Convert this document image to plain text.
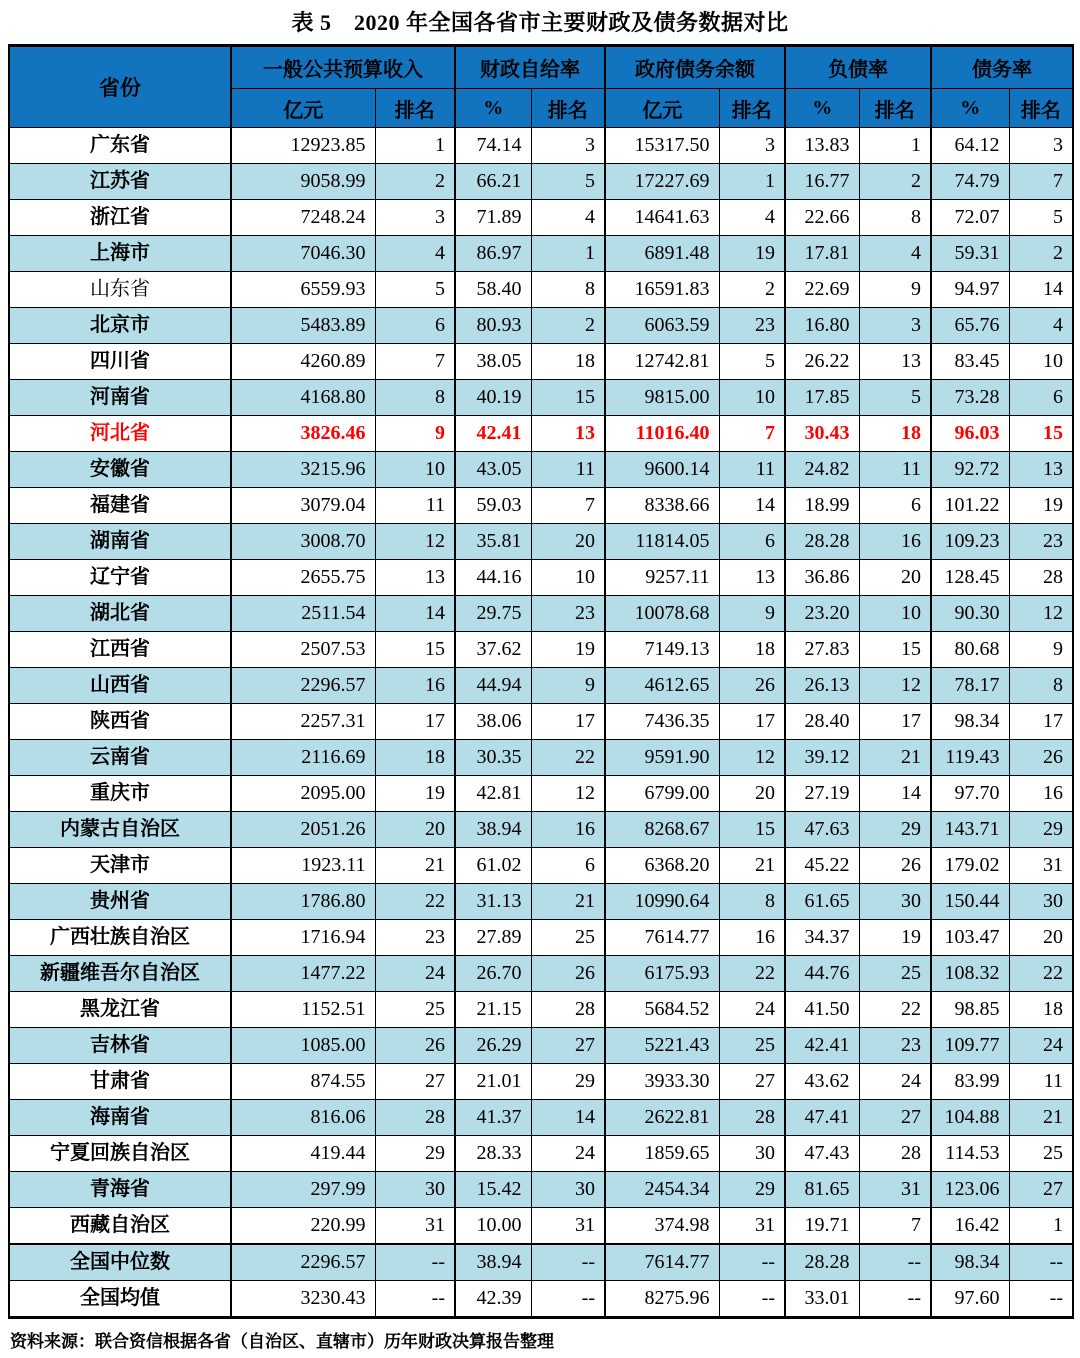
表 5　2020 年全国各省市主要财政及债务数据对比
省份	一般公共预算收入		财政自给率		政府债务余额		负债率		债务率	
	亿元	排名	%	排名	亿元	排名	%	排名	%	排名
广东省	12923.85	1	74.14	3	15317.50	3	13.83	1	64.12	3
江苏省	9058.99	2	66.21	5	17227.69	1	16.77	2	74.79	7
浙江省	7248.24	3	71.89	4	14641.63	4	22.66	8	72.07	5
上海市	7046.30	4	86.97	1	6891.48	19	17.81	4	59.31	2
山东省	6559.93	5	58.40	8	16591.83	2	22.69	9	94.97	14
北京市	5483.89	6	80.93	2	6063.59	23	16.80	3	65.76	4
四川省	4260.89	7	38.05	18	12742.81	5	26.22	13	83.45	10
河南省	4168.80	8	40.19	15	9815.00	10	17.85	5	73.28	6
河北省	3826.46	9	42.41	13	11016.40	7	30.43	18	96.03	15
安徽省	3215.96	10	43.05	11	9600.14	11	24.82	11	92.72	13
福建省	3079.04	11	59.03	7	8338.66	14	18.99	6	101.22	19
湖南省	3008.70	12	35.81	20	11814.05	6	28.28	16	109.23	23
辽宁省	2655.75	13	44.16	10	9257.11	13	36.86	20	128.45	28
湖北省	2511.54	14	29.75	23	10078.68	9	23.20	10	90.30	12
江西省	2507.53	15	37.62	19	7149.13	18	27.83	15	80.68	9
山西省	2296.57	16	44.94	9	4612.65	26	26.13	12	78.17	8
陕西省	2257.31	17	38.06	17	7436.35	17	28.40	17	98.34	17
云南省	2116.69	18	30.35	22	9591.90	12	39.12	21	119.43	26
重庆市	2095.00	19	42.81	12	6799.00	20	27.19	14	97.70	16
内蒙古自治区	2051.26	20	38.94	16	8268.67	15	47.63	29	143.71	29
天津市	1923.11	21	61.02	6	6368.20	21	45.22	26	179.02	31
贵州省	1786.80	22	31.13	21	10990.64	8	61.65	30	150.44	30
广西壮族自治区	1716.94	23	27.89	25	7614.77	16	34.37	19	103.47	20
新疆维吾尔自治区	1477.22	24	26.70	26	6175.93	22	44.76	25	108.32	22
黑龙江省	1152.51	25	21.15	28	5684.52	24	41.50	22	98.85	18
吉林省	1085.00	26	26.29	27	5221.43	25	42.41	23	109.77	24
甘肃省	874.55	27	21.01	29	3933.30	27	43.62	24	83.99	11
海南省	816.06	28	41.37	14	2622.81	28	47.41	27	104.88	21
宁夏回族自治区	419.44	29	28.33	24	1859.65	30	47.43	28	114.53	25
青海省	297.99	30	15.42	30	2454.34	29	81.65	31	123.06	27
西藏自治区	220.99	31	10.00	31	374.98	31	19.71	7	16.42	1
全国中位数	2296.57	--	38.94	--	7614.77	--	28.28	--	98.34	--
全国均值	3230.43	--	42.39	--	8275.96	--	33.01	--	97.60	--
资料来源：联合资信根据各省（自治区、直辖市）历年财政决算报告整理
